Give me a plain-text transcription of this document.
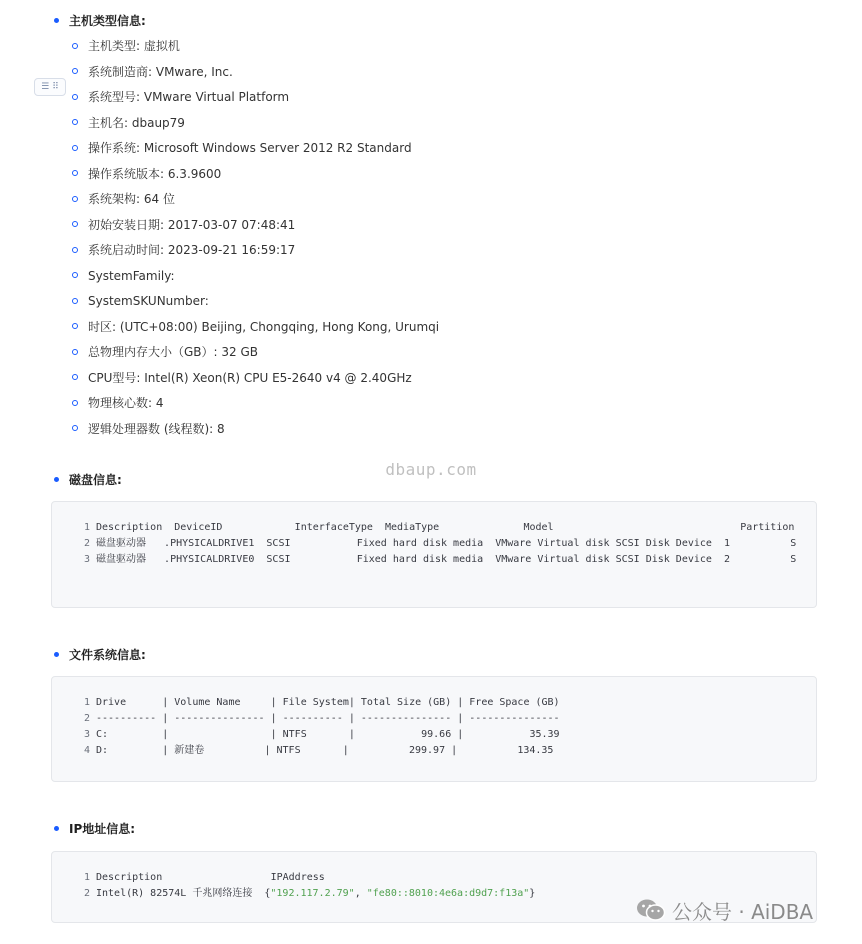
dbaup.com
☰ ⠿
主机类型信息:
主机类型: 虚拟机
系统制造商: VMware, Inc.
系统型号: VMware Virtual Platform
主机名: dbaup79
操作系统: Microsoft Windows Server 2012 R2 Standard
操作系统版本: 6.3.9600
系统架构: 64 位
初始安装日期: 2017-03-07 07:48:41
系统启动时间: 2023-09-21 16:59:17
SystemFamily:
SystemSKUNumber:
时区: (UTC+08:00) Beijing, Chongqing, Hong Kong, Urumqi
总物理内存大小（GB）: 32 GB
CPU型号: Intel(R) Xeon(R) CPU E5-2640 v4 @ 2.40GHz
物理核心数: 4
逻辑处理器数 (线程数): 8
磁盘信息:
1 Description  DeviceID            InterfaceType  MediaType              Model                               Partition
2 磁盘驱动器   .PHYSICALDRIVE1  SCSI           Fixed hard disk media  VMware Virtual disk SCSI Disk Device  1          S
3 磁盘驱动器   .PHYSICALDRIVE0  SCSI           Fixed hard disk media  VMware Virtual disk SCSI Disk Device  2          S
文件系统信息:
1 Drive      | Volume Name     | File System| Total Size (GB) | Free Space (GB)
2 ---------- | --------------- | ---------- | --------------- | ---------------
3 C:         |                 | NTFS       |           99.66 |           35.39
4 D:         | 新建卷          | NTFS       |          299.97 |          134.35
IP地址信息:
1 Description                  IPAddress
2 Intel(R) 82574L 千兆网络连接  {"192.117.2.79", "fe80::8010:4e6a:d9d7:f13a"}
公众号 · AiDBA
